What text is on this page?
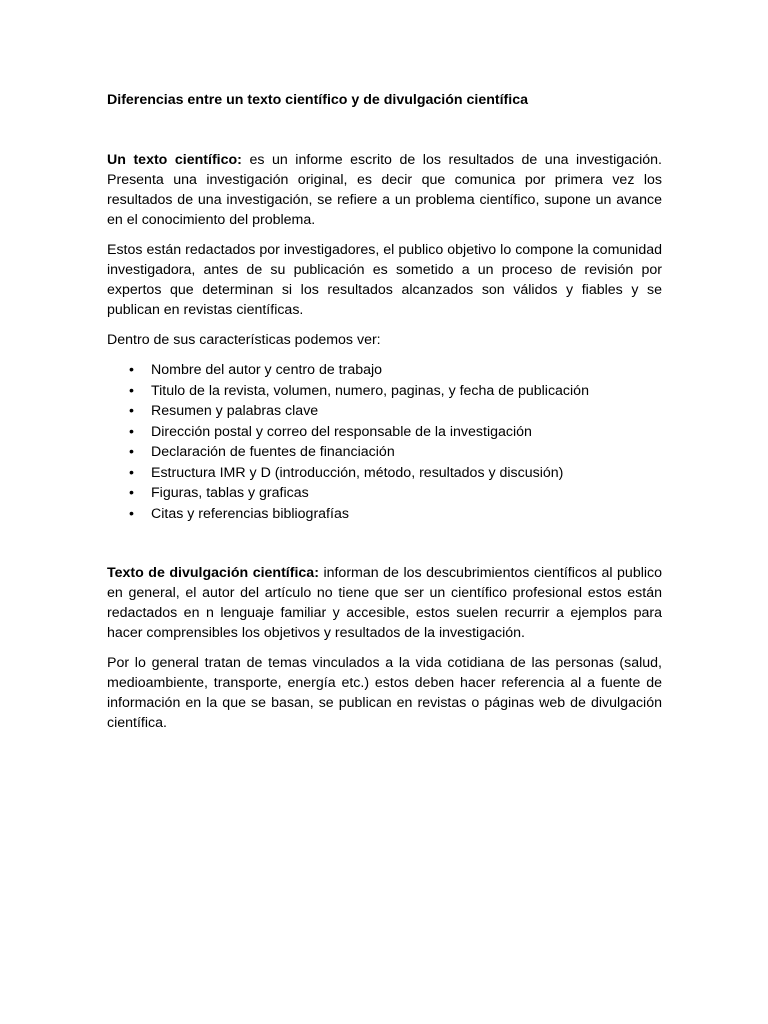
Diferencias entre un texto científico y de divulgación científica

Un texto científico: es un informe escrito de los resultados de una investigación. Presenta una investigación original, es decir que comunica por primera vez los resultados de una investigación, se refiere a un problema científico, supone un avance en el conocimiento del problema.

Estos están redactados por investigadores, el publico objetivo lo compone la comunidad investigadora, antes de su publicación es sometido a un proceso de revisión por expertos que determinan si los resultados alcanzados son válidos y fiables y se publican en revistas científicas.

Dentro de sus características podemos ver:

• Nombre del autor y centro de trabajo
• Titulo de la revista, volumen, numero, paginas, y fecha de publicación
• Resumen y palabras clave
• Dirección postal y correo del responsable de la investigación
• Declaración de fuentes de financiación
• Estructura IMR y D (introducción, método, resultados y discusión)
• Figuras, tablas y graficas
• Citas y referencias bibliografías

Texto de divulgación científica: informan de los descubrimientos científicos al publico en general, el autor del artículo no tiene que ser un científico profesional estos están redactados en n lenguaje familiar y accesible, estos suelen recurrir a ejemplos para hacer comprensibles los objetivos y resultados de la investigación.

Por lo general tratan de temas vinculados a la vida cotidiana de las personas (salud, medioambiente, transporte, energía etc.) estos deben hacer referencia al a fuente de información en la que se basan, se publican en revistas o páginas web de divulgación científica.
